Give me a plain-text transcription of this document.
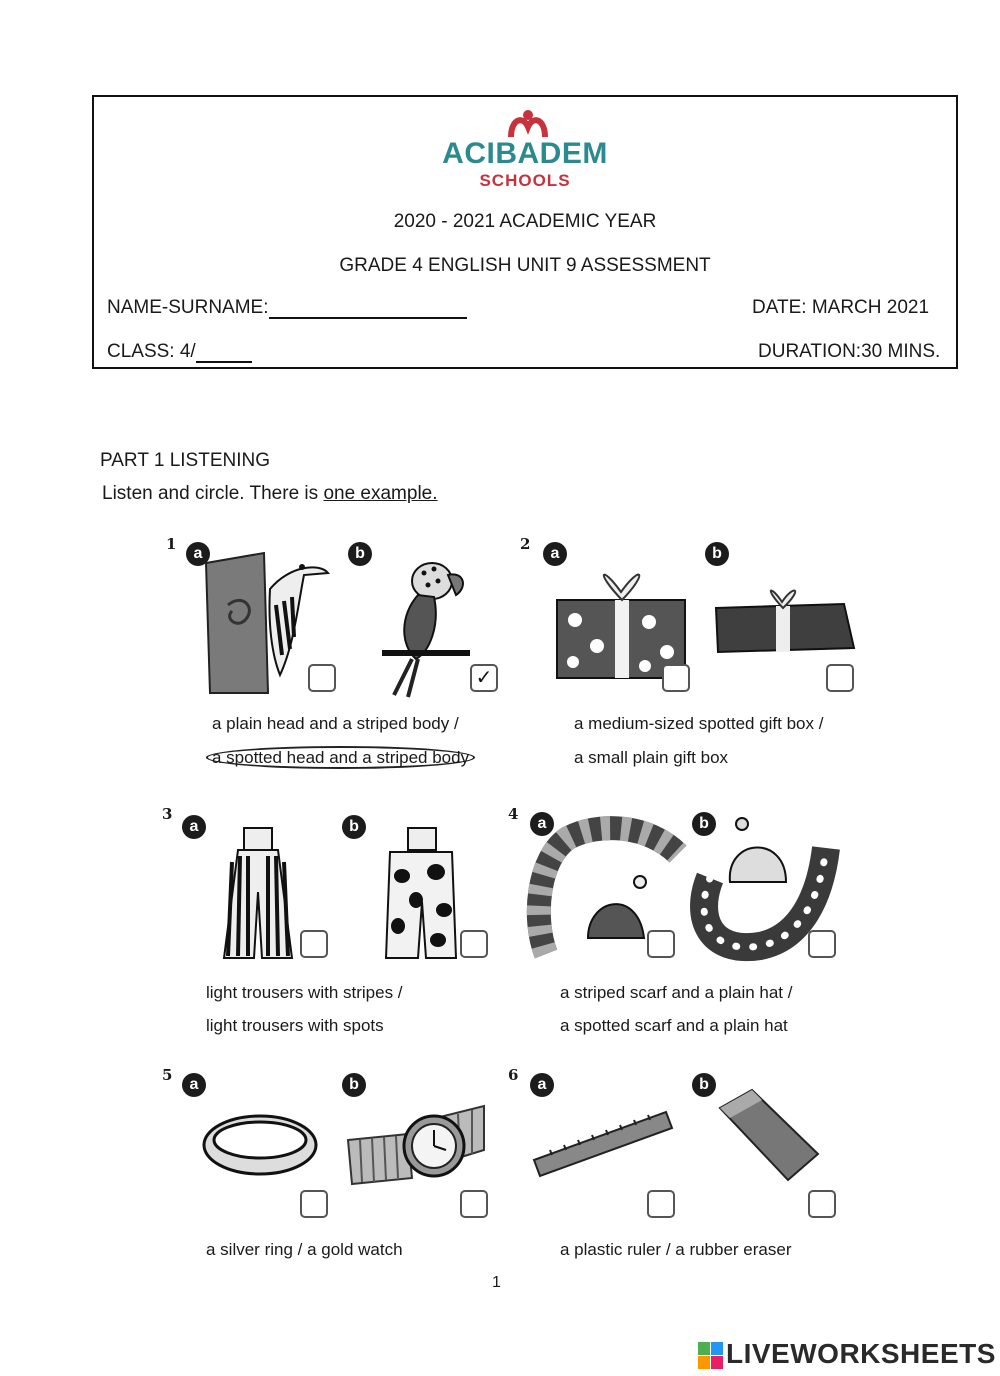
ACIBADEM
SCHOOLS
2020 - 2021 ACADEMIC YEAR
GRADE 4 ENGLISH UNIT 9 ASSESSMENT
NAME-SURNAME:	DATE: MARCH 2021
CLASS: 4/	DURATION:30 MINS.
PART 1 LISTENING
Listen and circle. There is one example.
1
a	b
✓
a plain head and a striped body /
a spotted head and a striped body
2
a	b
a medium-sized spotted gift box /
a small plain gift box
3
a	b
light trousers with stripes /
light trousers with spots
4
a	b
a striped scarf and a plain hat /
a spotted scarf and a plain hat
5
a	b
a silver ring / a gold watch
6
a	b
a plastic ruler / a rubber eraser
1
LIVEWORKSHEETS
